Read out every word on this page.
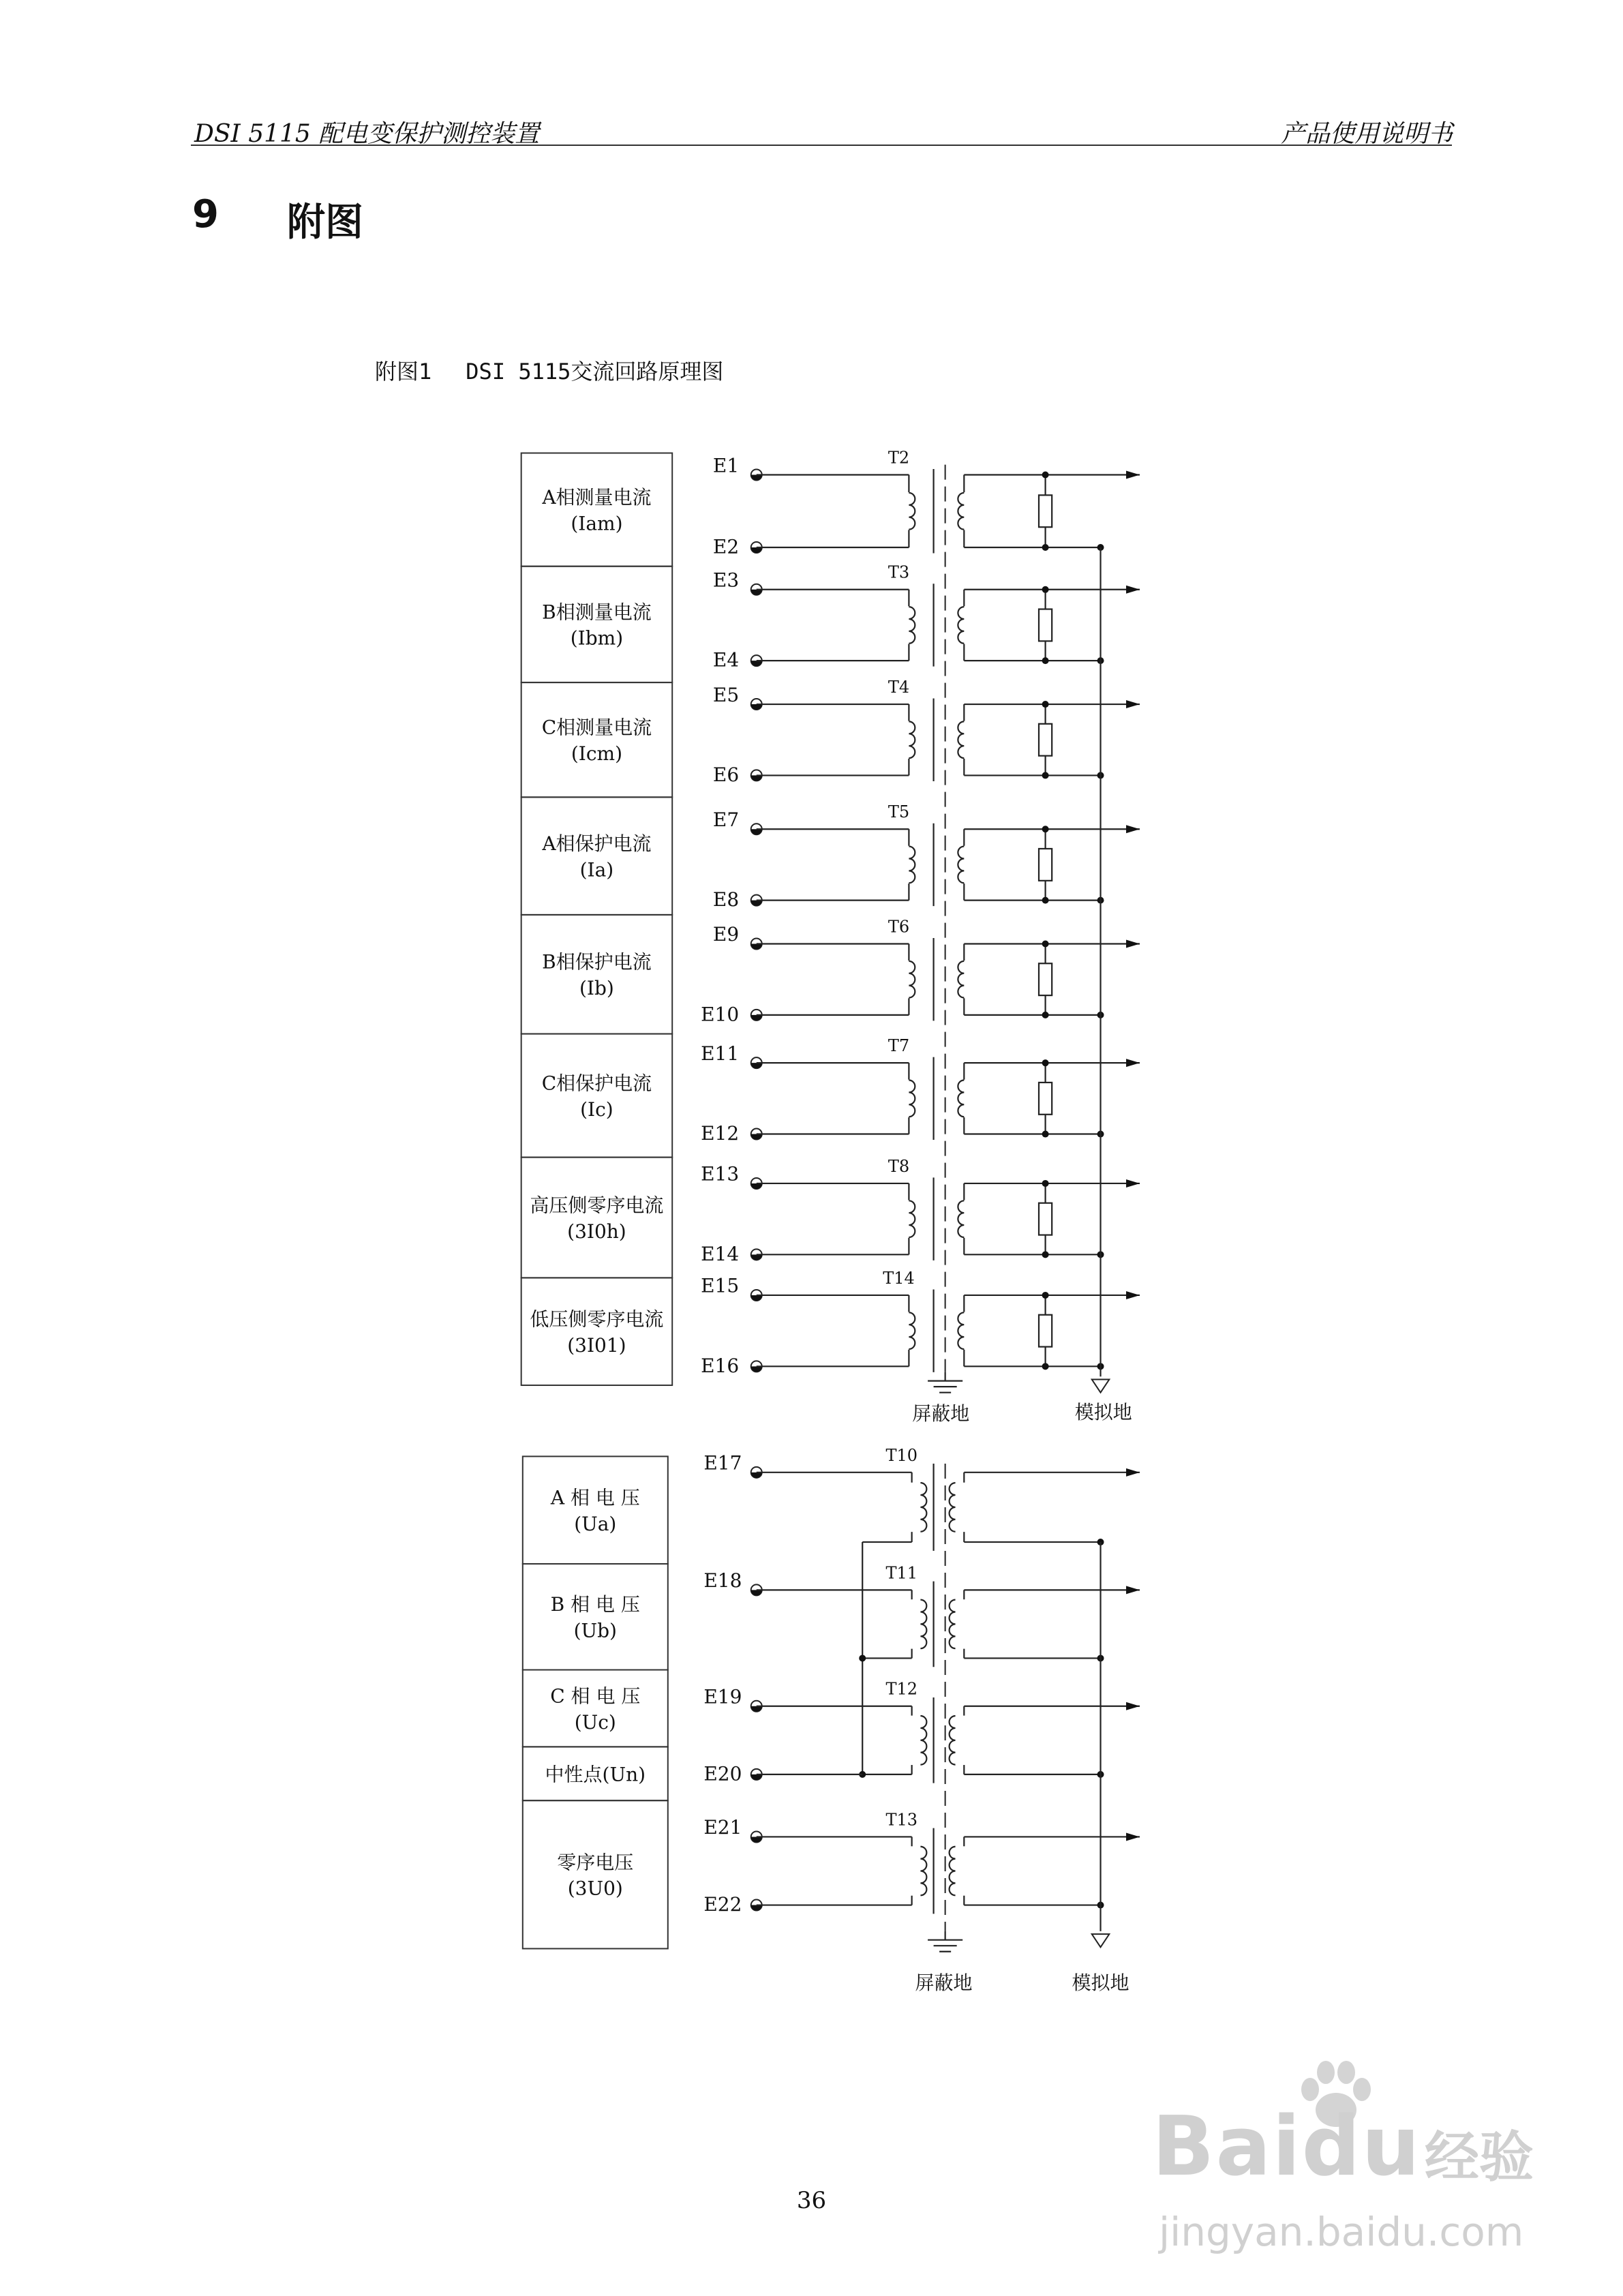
DSI 5115 配电变保护测控装置	产品使用说明书
9 附图
附图1 DSI 5115交流回路原理图
A相测量电流
(Iam)
E1
E2
T2
B相测量电流
(Ibm)
E3
E4
T3
C相测量电流
(Icm)
E5
E6
T4
A相保护电流
(Ia)
E7
E8
T5
B相保护电流
(Ib)
E9
E10
T6
C相保护电流
(Ic)
E11
E12
T7
高压侧零序电流
(3I0h)
E13
E14
T8
低压侧零序电流
(3I01)
E15
E16
T14
屏蔽地	模拟地
A 相 电 压
(Ua)
B 相 电 压
(Ub)
C 相 电 压
(Uc)
中性点(Un)
零序电压
(3U0)
E17	T10
E18	T11
E19	T12
E21	T13
E20
E22
屏蔽地	模拟地
36
Baidu 经验
jingyan.baidu.com
